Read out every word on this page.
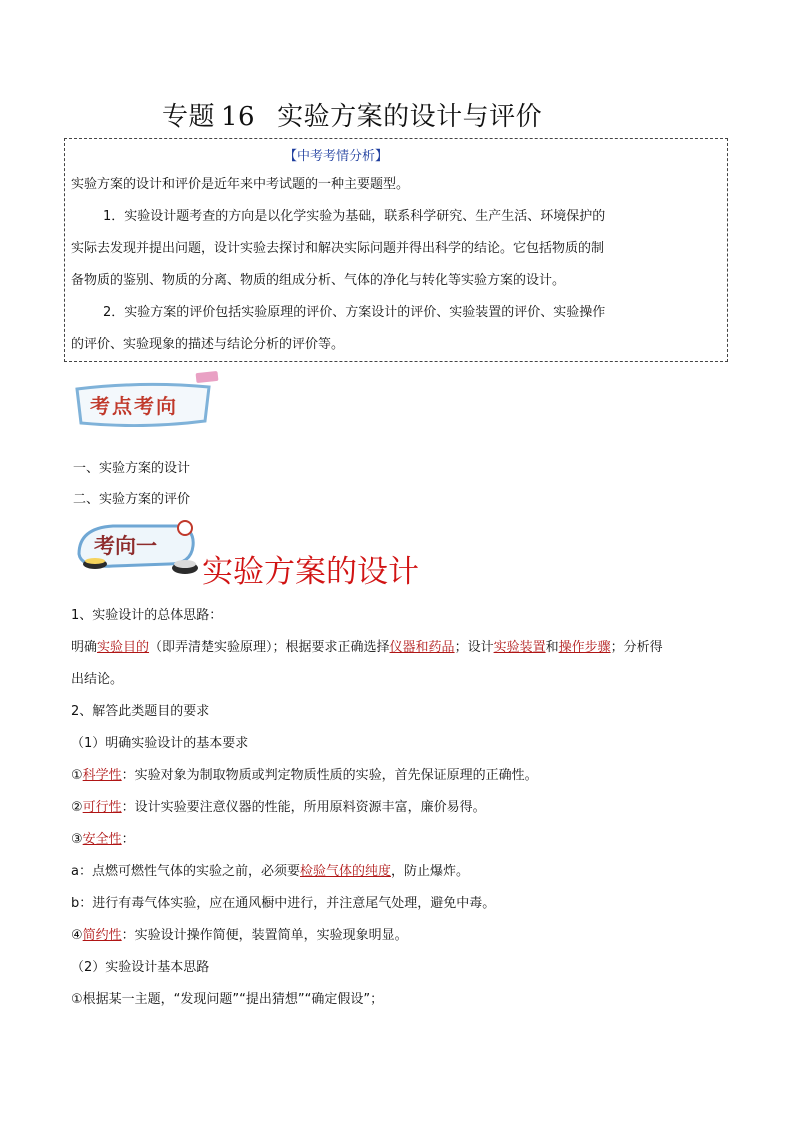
专题 16 实验方案的设计与评价
【中考考情分析】
实验方案的设计和评价是近年来中考试题的一种主要题型。
1．实验设计题考查的方向是以化学实验为基础，联系科学研究、生产生活、环境保护的
实际去发现并提出问题，设计实验去探讨和解决实际问题并得出科学的结论。它包括物质的制
备物质的鉴别、物质的分离、物质的组成分析、气体的净化与转化等实验方案的设计。
2．实验方案的评价包括实验原理的评价、方案设计的评价、实验装置的评价、实验操作
的评价、实验现象的描述与结论分析的评价等。
考点考向
一、实验方案的设计
二、实验方案的评价
考向一
实验方案的设计
1、实验设计的总体思路：
明确实验目的（即弄清楚实验原理）；根据要求正确选择仪器和药品；设计实验装置和操作步骤；分析得
出结论。
2、解答此类题目的要求
（1）明确实验设计的基本要求
①科学性：实验对象为制取物质或判定物质性质的实验，首先保证原理的正确性。
②可行性：设计实验要注意仪器的性能，所用原料资源丰富，廉价易得。
③安全性：
a：点燃可燃性气体的实验之前，必须要检验气体的纯度，防止爆炸。
b：进行有毒气体实验，应在通风橱中进行，并注意尾气处理，避免中毒。
④简约性：实验设计操作简便，装置简单，实验现象明显。
（2）实验设计基本思路
①根据某一主题，“发现问题”“提出猜想”“确定假设”；
